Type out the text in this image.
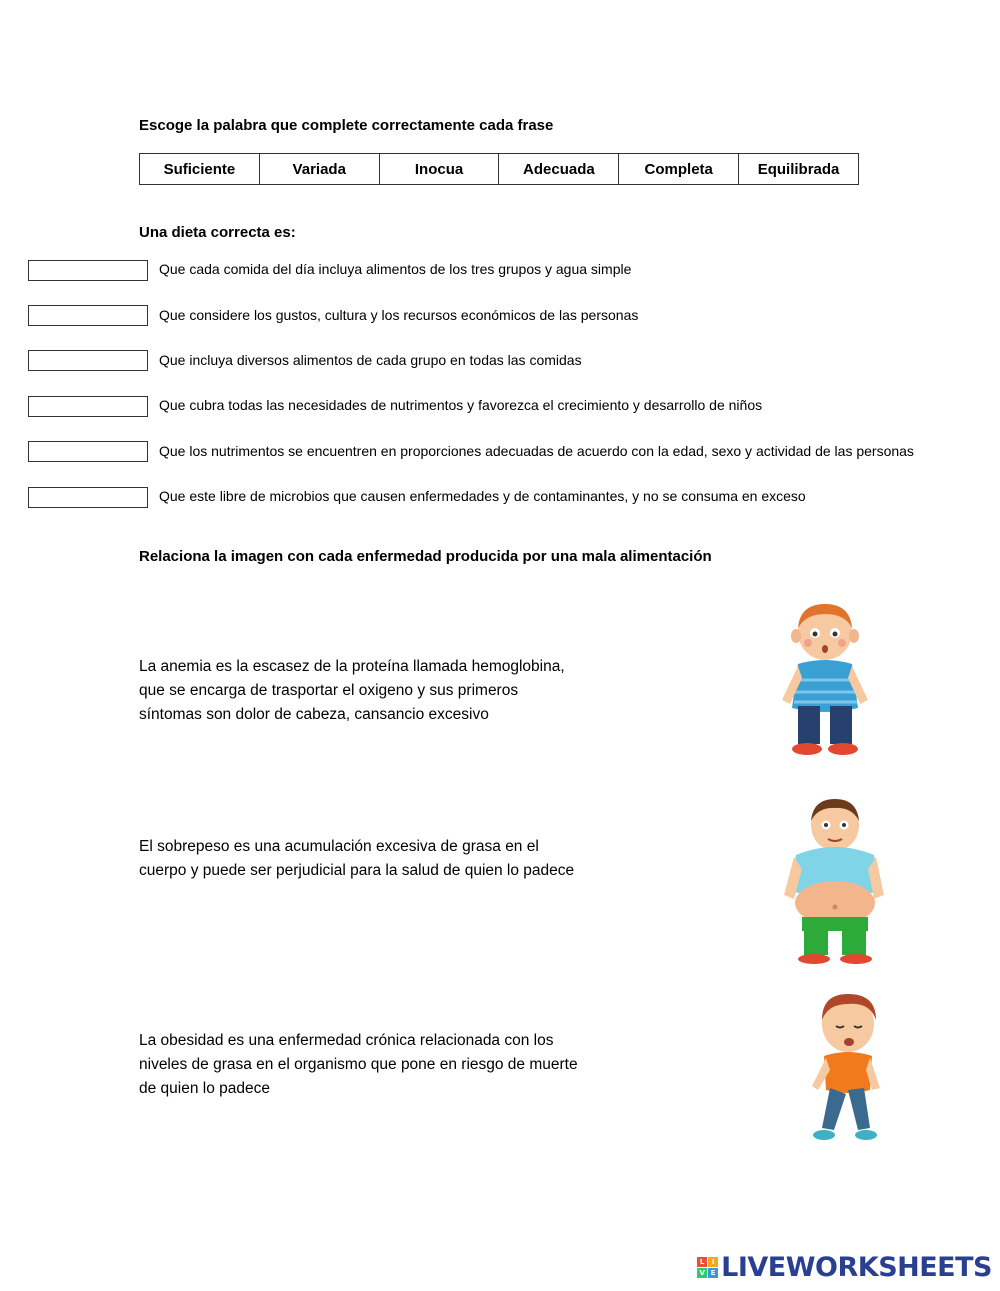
Escoge la palabra que complete correctamente cada frase
Suficiente	Variada	Inocua	Adecuada	Completa	Equilibrada
Una dieta correcta es:
Que cada comida del día incluya alimentos de los tres grupos y agua simple
Que considere los gustos, cultura y los recursos económicos de las personas
Que incluya diversos alimentos de cada grupo en todas las comidas
Que cubra todas las necesidades de nutrimentos y favorezca el crecimiento y desarrollo de niños
Que los nutrimentos se encuentren en proporciones adecuadas de acuerdo con la edad, sexo y actividad de las personas
Que este libre de microbios que causen enfermedades y de contaminantes, y no se consuma en exceso
Relaciona la imagen con cada enfermedad producida por una mala alimentación
La anemia es la escasez de la proteína llamada hemoglobina, que se encarga de trasportar el oxigeno y sus primeros síntomas son dolor de cabeza, cansancio excesivo
El sobrepeso es una acumulación excesiva de grasa en el cuerpo y puede ser perjudicial para la salud de quien lo padece
La obesidad es una enfermedad crónica relacionada con los niveles de grasa en el organismo que pone en riesgo de muerte de quien lo padece
L	I
V E LIVEWORKSHEETS
